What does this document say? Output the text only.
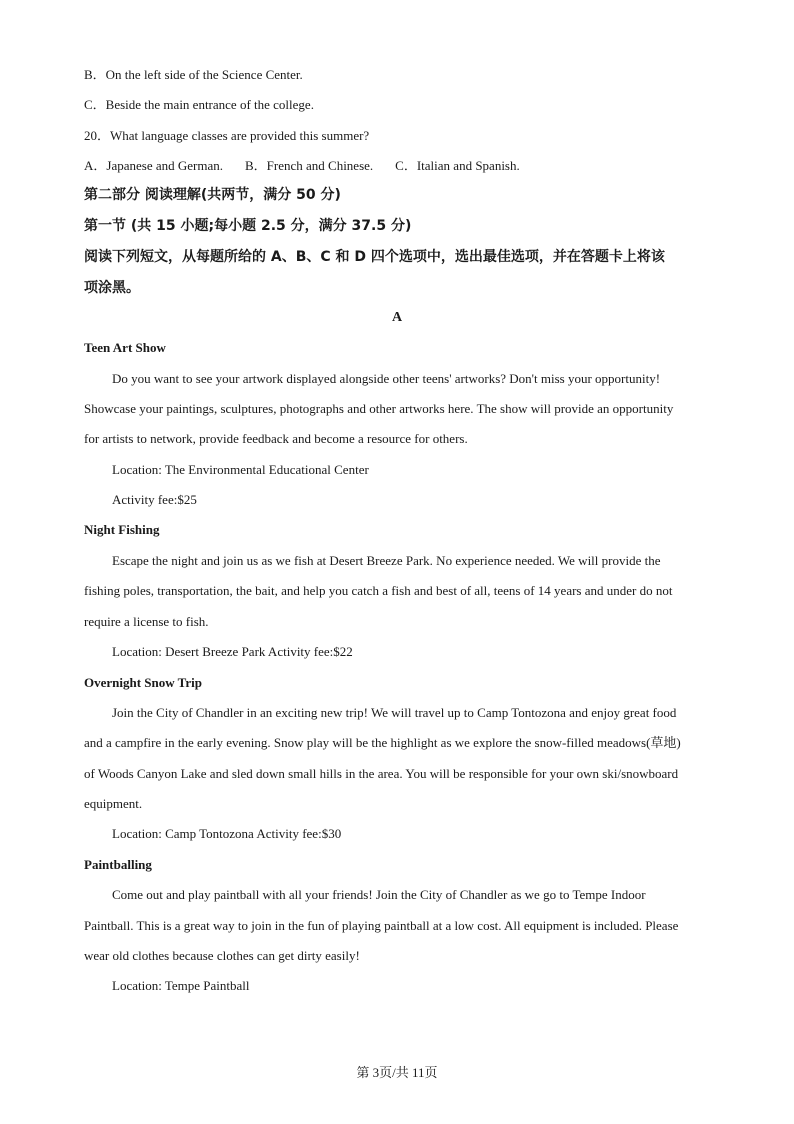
B．On the left side of the Science Center.
C．Beside the main entrance of the college.
20．What language classes are provided this summer?
A．Japanese and German. B．French and Chinese. C．Italian and Spanish.
第二部分 阅读理解(共两节，满分 50 分)
第一节 (共 15 小题;每小题 2.5 分，满分 37.5 分)
阅读下列短文，从每题所给的 A、B、C 和 D 四个选项中，选出最佳选项，并在答题卡上将该
项涂黑。
A
Teen Art Show
Do you want to see your artwork displayed alongside other teens' artworks? Don't miss your opportunity!
Showcase your paintings, sculptures, photographs and other artworks here. The show will provide an opportunity
for artists to network, provide feedback and become a resource for others.
Location: The Environmental Educational Center
Activity fee:$25
Night Fishing
Escape the night and join us as we fish at Desert Breeze Park. No experience needed. We will provide the
fishing poles, transportation, the bait, and help you catch a fish and best of all, teens of 14 years and under do not
require a license to fish.
Location: Desert Breeze Park Activity fee:$22
Overnight Snow Trip
Join the City of Chandler in an exciting new trip! We will travel up to Camp Tontozona and enjoy great food
and a campfire in the early evening. Snow play will be the highlight as we explore the snow-filled meadows(草地)
of Woods Canyon Lake and sled down small hills in the area. You will be responsible for your own ski/snowboard
equipment.
Location: Camp Tontozona Activity fee:$30
Paintballing
Come out and play paintball with all your friends! Join the City of Chandler as we go to Tempe Indoor
Paintball. This is a great way to join in the fun of playing paintball at a low cost. All equipment is included. Please
wear old clothes because clothes can get dirty easily!
Location: Tempe Paintball
第 3页/共 11页
